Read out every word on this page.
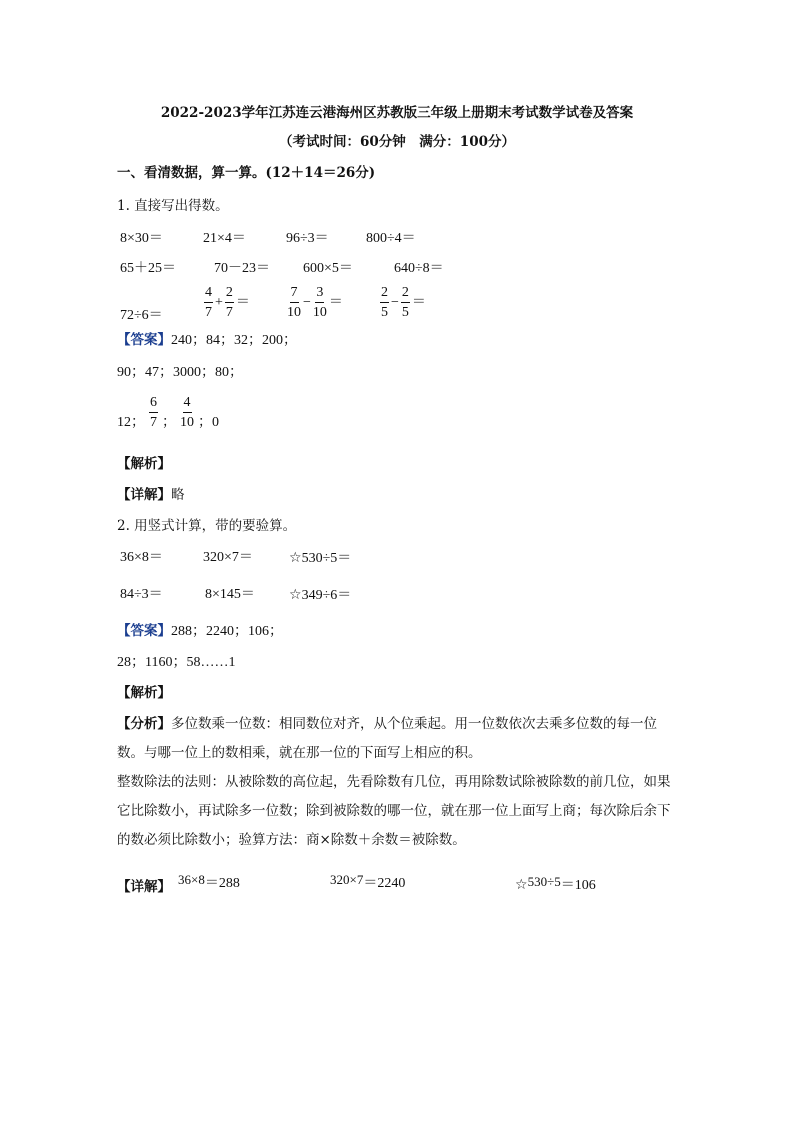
2022-2023学年江苏连云港海州区苏教版三年级上册期末考试数学试卷及答案
（考试时间：60分钟　满分：100分）
一、看清数据，算一算。(12＋14＝26分)
1. 直接写出得数。
8×30＝	21×4＝	96÷3＝	800÷4＝
65＋25＝	70－23＝ 600×5＝	640÷8＝
72÷6＝	$\frac{4}{7} + \frac{2}{7}$ ＝	$\frac{7}{10} - \frac{3}{10}$ ＝	$\frac{2}{5} - \frac{2}{5}$ ＝
【答案】240；84；32；200；
90；47；3000；80；
12； $\frac{6}{7}$ ； $\frac{4}{10}$ ；0
【解析】
【详解】略
2. 用竖式计算，带的要验算。
36×8＝	320×7＝	☆530÷5＝
84÷3＝	8×145＝ ☆349÷6＝
【答案】288；2240；106；
28；1160；58……1
【解析】
【分析】多位数乘一位数：相同数位对齐，从个位乘起。用一位数依次去乘多位数的每一位数。与哪一位上的数相乘，就在那一位的下面写上相应的积。
整数除法的法则：从被除数的高位起，先看除数有几位，再用除数试除被除数的前几位，如果它比除数小，再试除多一位数；除到被除数的哪一位，就在那一位上面写上商；每次除后余下的数必须比除数小；验算方法：商×除数＋余数＝被除数。
【详解】 36×8＝288	320×7＝2240	☆530÷5＝106
